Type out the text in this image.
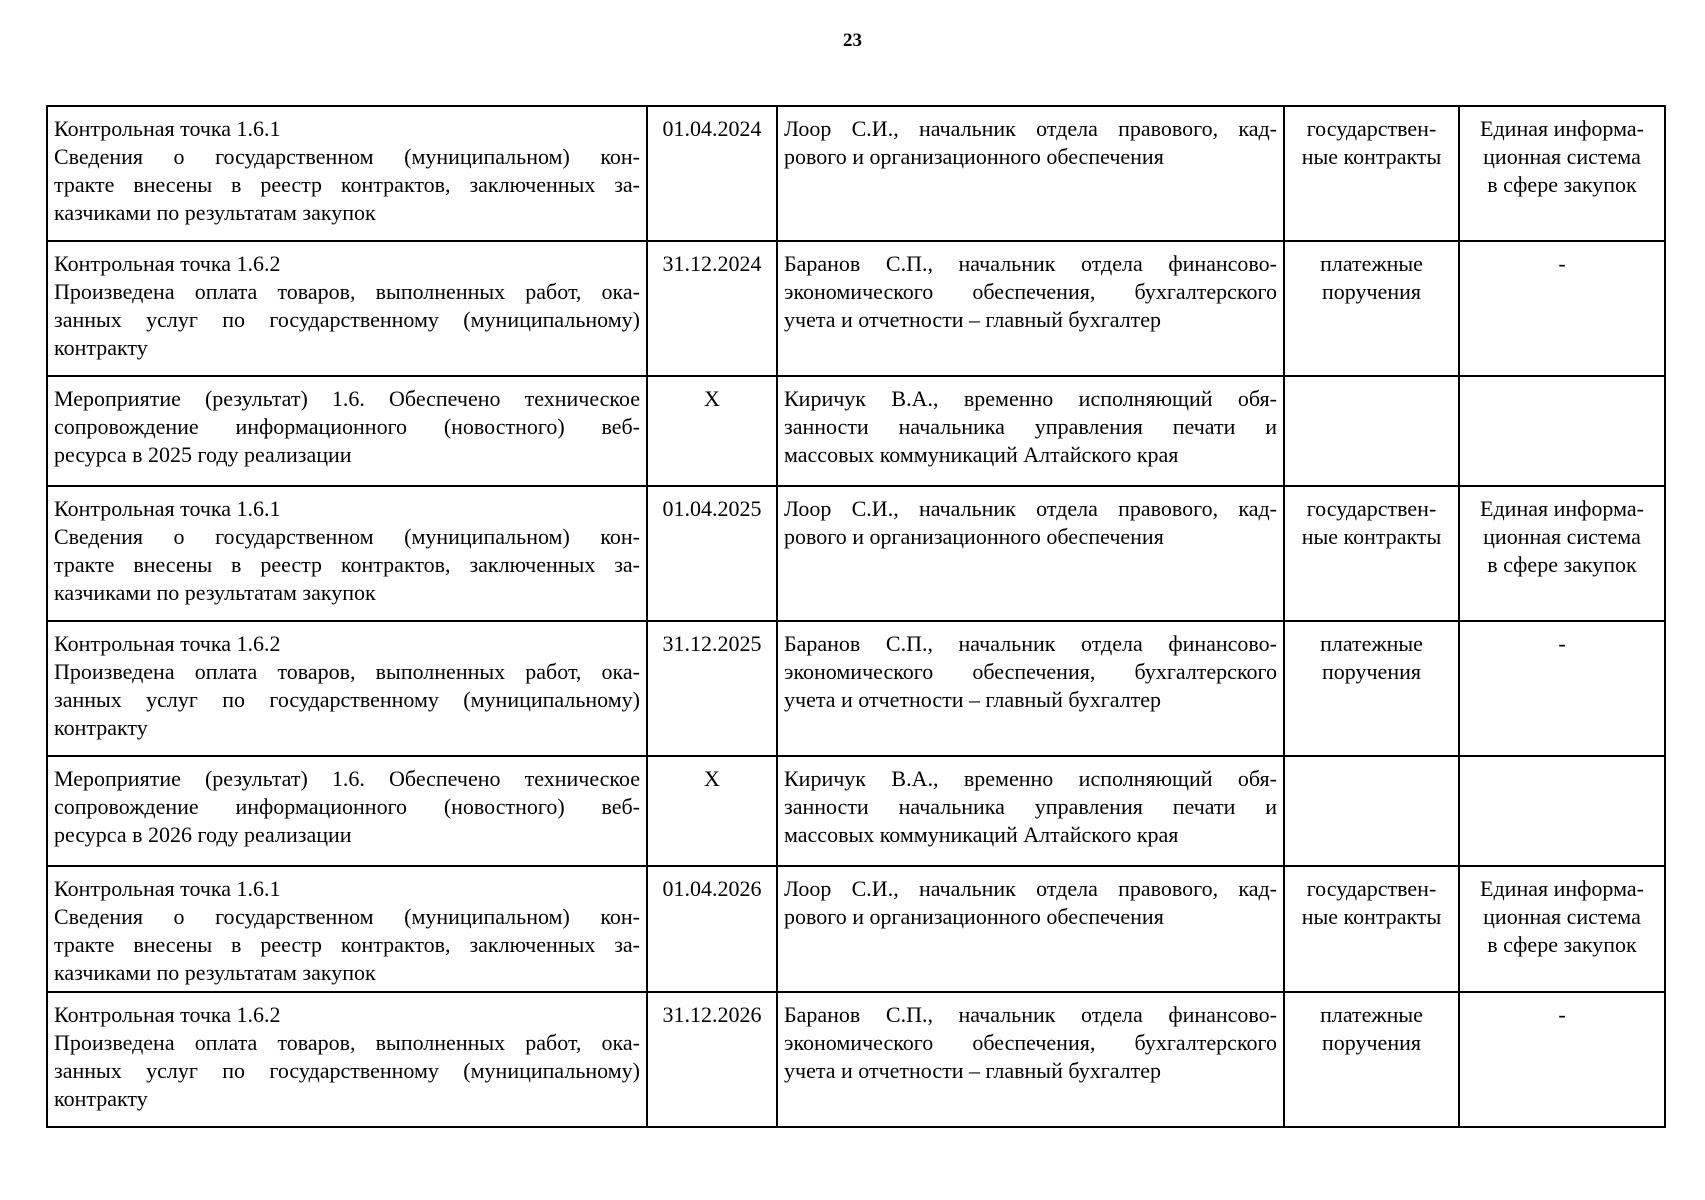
23
Контрольная точка 1.6.1
Сведения о государственном (муниципальном) кон-
тракте внесены в реестр контрактов, заключенных за-
казчиками по результатам закупок	01.04.2024	Лоор С.И., начальник отдела правового, кад-
рового и организационного обеспечения	государствен-
ные контракты	Единая информа-
ционная система
в сфере закупок

Контрольная точка 1.6.2
Произведена оплата товаров, выполненных работ, ока-
занных услуг по государственному (муниципальному)
контракту	31.12.2024	Баранов С.П., начальник отдела финансово-
экономического обеспечения, бухгалтерского
учета и отчетности – главный бухгалтер	платежные
поручения	-

Мероприятие (результат) 1.6. Обеспечено техническое
сопровождение информационного (новостного) веб-
ресурса в 2025 году реализации	X	Киричук В.А., временно исполняющий обя-
занности начальника управления печати и
массовых коммуникаций Алтайского края		

Контрольная точка 1.6.1
Сведения о государственном (муниципальном) кон-
тракте внесены в реестр контрактов, заключенных за-
казчиками по результатам закупок	01.04.2025	Лоор С.И., начальник отдела правового, кад-
рового и организационного обеспечения	государствен-
ные контракты	Единая информа-
ционная система
в сфере закупок

Контрольная точка 1.6.2
Произведена оплата товаров, выполненных работ, ока-
занных услуг по государственному (муниципальному)
контракту	31.12.2025	Баранов С.П., начальник отдела финансово-
экономического обеспечения, бухгалтерского
учета и отчетности – главный бухгалтер	платежные
поручения	-

Мероприятие (результат) 1.6. Обеспечено техническое
сопровождение информационного (новостного) веб-
ресурса в 2026 году реализации	X	Киричук В.А., временно исполняющий обя-
занности начальника управления печати и
массовых коммуникаций Алтайского края		

Контрольная точка 1.6.1
Сведения о государственном (муниципальном) кон-
тракте внесены в реестр контрактов, заключенных за-
казчиками по результатам закупок	01.04.2026	Лоор С.И., начальник отдела правового, кад-
рового и организационного обеспечения	государствен-
ные контракты	Единая информа-
ционная система
в сфере закупок

Контрольная точка 1.6.2
Произведена оплата товаров, выполненных работ, ока-
занных услуг по государственному (муниципальному)
контракту	31.12.2026	Баранов С.П., начальник отдела финансово-
экономического обеспечения, бухгалтерского
учета и отчетности – главный бухгалтер	платежные
поручения	-
